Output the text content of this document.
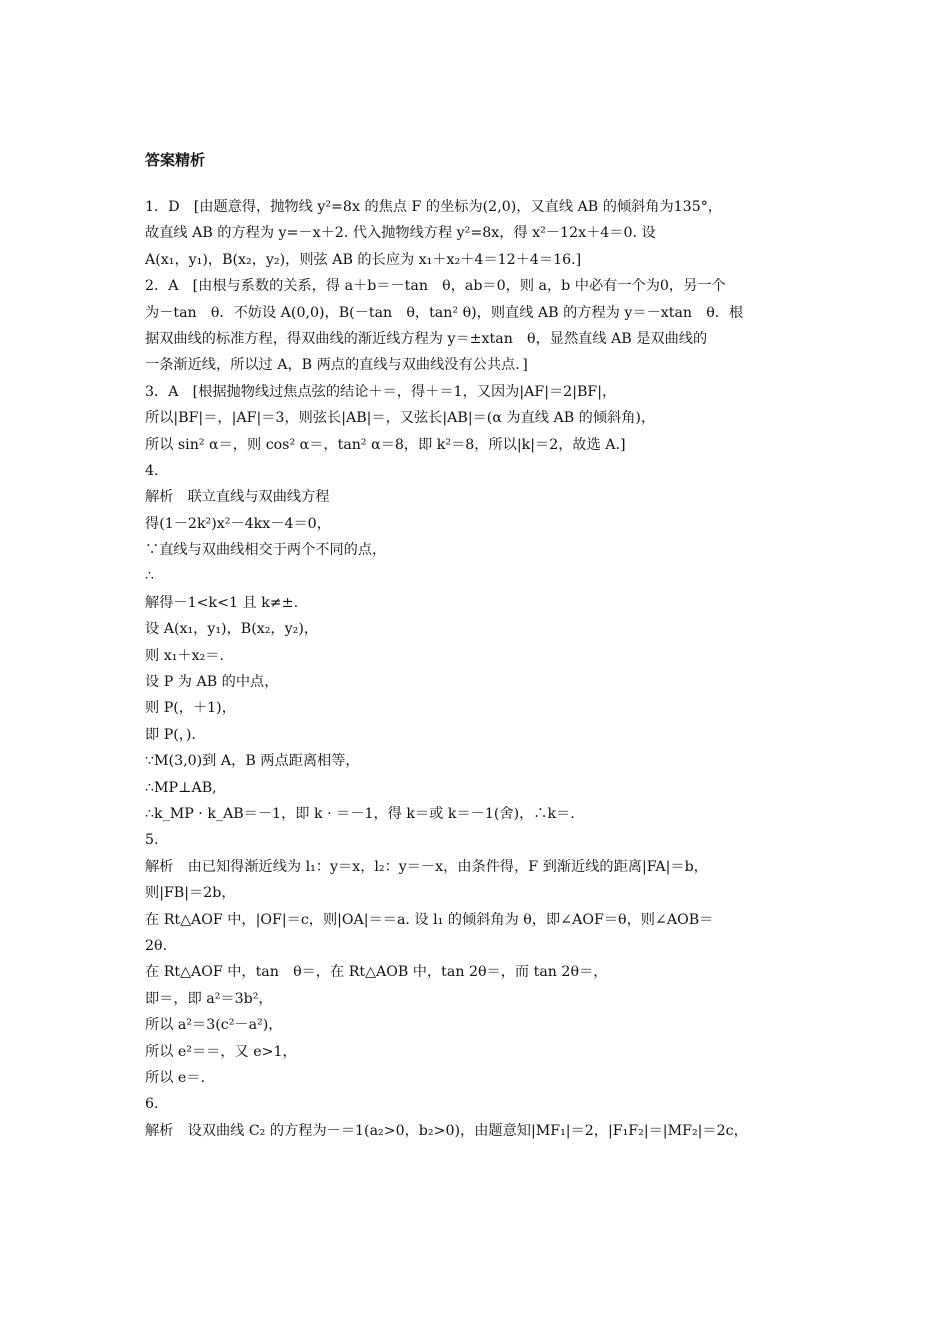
答案精析
1．D　[由题意得，抛物线 y²=8x 的焦点 F 的坐标为(2,0)，又直线 AB 的倾斜角为135°，
故直线 AB 的方程为 y=－x＋2. 代入抛物线方程 y²=8x，得 x²－12x＋4＝0. 设
A(x₁，y₁)，B(x₂，y₂)，则弦 AB 的长应为 x₁＋x₂＋4＝12＋4＝16.]
2．A　[由根与系数的关系，得 a＋b＝－tan　θ，ab＝0，则 a，b 中必有一个为0，另一个
为－tan　θ．不妨设 A(0,0)，B(－tan　θ，tan² θ)，则直线 AB 的方程为 y＝－xtan　θ．根
据双曲线的标准方程，得双曲线的渐近线方程为 y＝±xtan　θ，显然直线 AB 是双曲线的
一条渐近线，所以过 A，B 两点的直线与双曲线没有公共点．]
3．A　[根据抛物线过焦点弦的结论＋＝，得＋＝1，又因为|AF|＝2|BF|，
所以|BF|＝，|AF|＝3，则弦长|AB|＝，又弦长|AB|＝(α 为直线 AB 的倾斜角)，
所以 sin² α＝，则 cos² α＝，tan² α＝8，即 k²＝8，所以|k|＝2，故选 A.]
4.
解析　联立直线与双曲线方程
得(1－2k²)x²－4kx－4＝0，
∵直线与双曲线相交于两个不同的点，
∴
解得－1<k<1 且 k≠±.
设 A(x₁，y₁)，B(x₂，y₂)，
则 x₁＋x₂＝.
设 P 为 AB 的中点，
则 P(，＋1)，
即 P(，).
∵M(3,0)到 A，B 两点距离相等，
∴MP⊥AB,
∴k_MP · k_AB＝－1，即 k · ＝－1，得 k＝或 k＝－1(舍)，∴k＝.
5.
解析　由已知得渐近线为 l₁：y＝x，l₂：y＝－x，由条件得，F 到渐近线的距离|FA|＝b，
则|FB|＝2b，
在 Rt△AOF 中，|OF|＝c，则|OA|＝＝a. 设 l₁ 的倾斜角为 θ，即∠AOF＝θ，则∠AOB＝
2θ.
在 Rt△AOF 中，tan　θ＝，在 Rt△AOB 中，tan 2θ＝，而 tan 2θ＝，
即＝，即 a²＝3b²，
所以 a²＝3(c²－a²)，
所以 e²＝＝，又 e>1，
所以 e＝.
6.
解析　设双曲线 C₂ 的方程为－＝1(a₂>0，b₂>0)，由题意知|MF₁|＝2，|F₁F₂|＝|MF₂|＝2c，
